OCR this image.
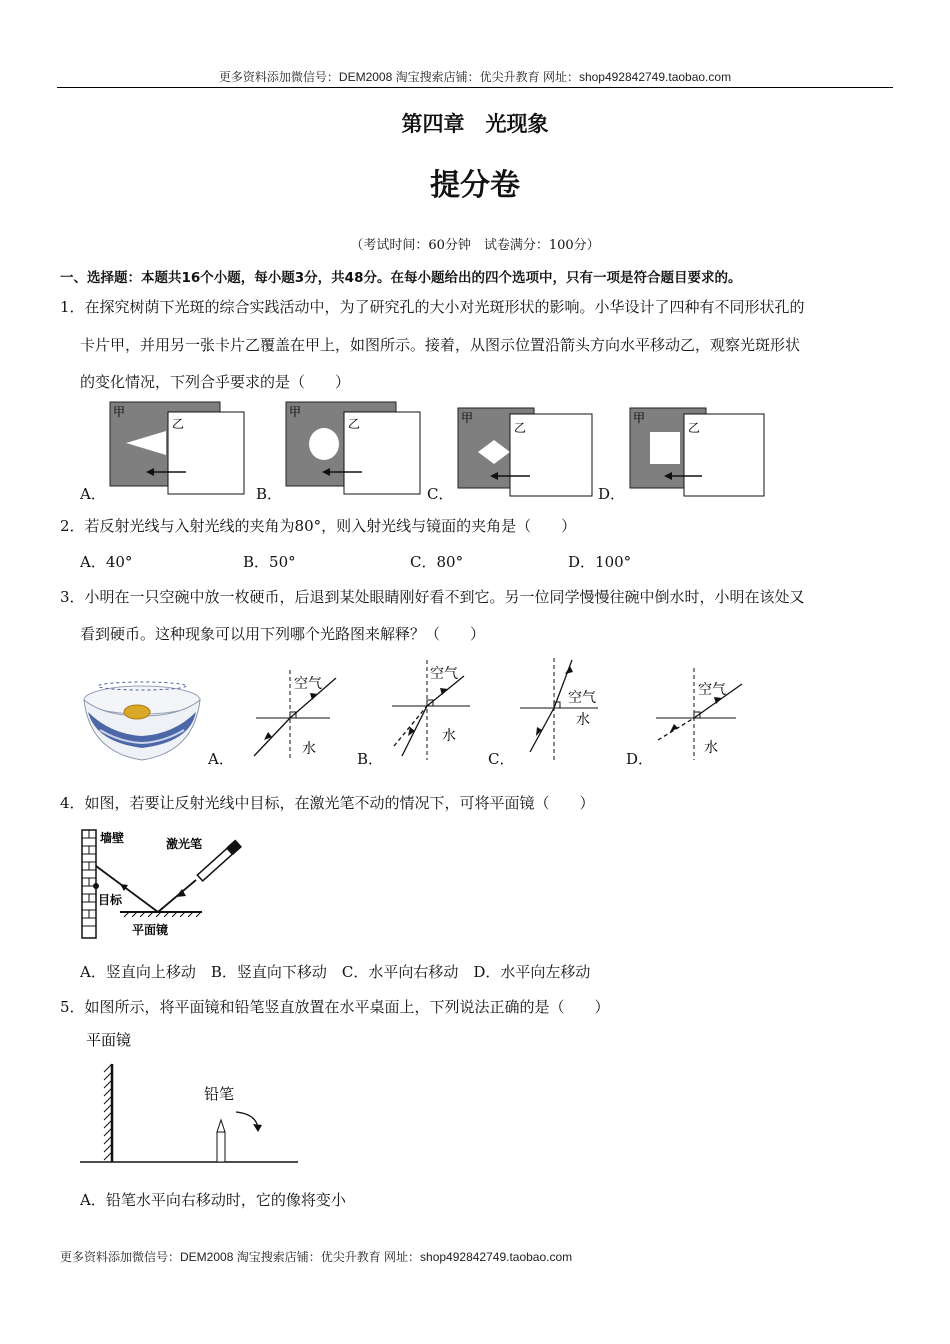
更多资料添加微信号：DEM2008 淘宝搜索店铺：优尖升教育 网址：shop492842749.taobao.com
第四章　光现象
提分卷
（考试时间：60分钟　试卷满分：100分）
一、选择题：本题共16个小题，每小题3分，共48分。在每小题给出的四个选项中，只有一项是符合题目要求的。
1．在探究树荫下光斑的综合实践活动中，为了研究孔的大小对光斑形状的影响。小华设计了四种有不同形状孔的
卡片甲，并用另一张卡片乙覆盖在甲上，如图所示。接着，从图示位置沿箭头方向水平移动乙，观察光斑形状
的变化情况，下列合乎要求的是（　　）
A．	B．	C．	D．
甲
乙
甲
乙	甲
乙
甲
乙
2．若反射光线与入射光线的夹角为80°，则入射光线与镜面的夹角是（　　）
A．40°	B．50°	C．80°	D．100°
3．小明在一只空碗中放一枚硬币，后退到某处眼睛刚好看不到它。另一位同学慢慢往碗中倒水时，小明在该处又
看到硬币。这种现象可以用下列哪个光路图来解释？（　　）
A．	B．	C．	D．
空气
水
空气
水
空气
水
空气
水
4．如图，若要让反射光线中目标，在激光笔不动的情况下，可将平面镜（　　）
墙壁	激光笔
目标
平面镜
A．竖直向上移动　B．竖直向下移动　C．水平向右移动　D．水平向左移动
5．如图所示，将平面镜和铅笔竖直放置在水平桌面上，下列说法正确的是（　　）
平面镜
铅笔
A．铅笔水平向右移动时，它的像将变小
更多资料添加微信号：DEM2008 淘宝搜索店铺：优尖升教育 网址：shop492842749.taobao.com
